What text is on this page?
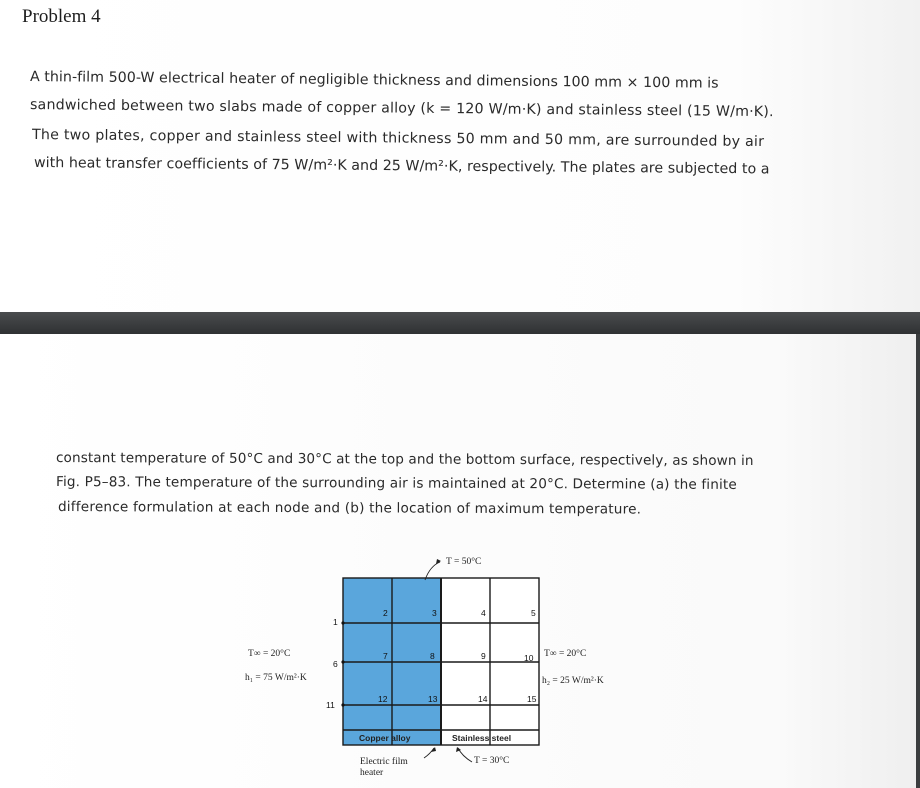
Problem 4
A thin-film 500-W electrical heater of negligible thickness and dimensions 100 mm × 100 mm is
sandwiched between two slabs made of copper alloy (k = 120 W/m·K) and stainless steel (15 W/m·K).
The two plates, copper and stainless steel with thickness 50 mm and 50 mm, are surrounded by air
with heat transfer coefficients of 75 W/m²·K and 25 W/m²·K, respectively. The plates are subjected to a
constant temperature of 50°C and 30°C at the top and the bottom surface, respectively, as shown in
Fig. P5–83. The temperature of the surrounding air is maintained at 20°C. Determine (a) the finite
difference formulation at each node and (b) the location of maximum temperature.
T = 50°C
1
2	3	4	5
6
7	8	9	10
11
12	13	14	15
T∞ = 20°C
h₁ = 75 W/m²·K
T∞ = 20°C
h₂ = 25 W/m²·K
Copper alloy	Stainless steel
Electric film
heater
T = 30°C
